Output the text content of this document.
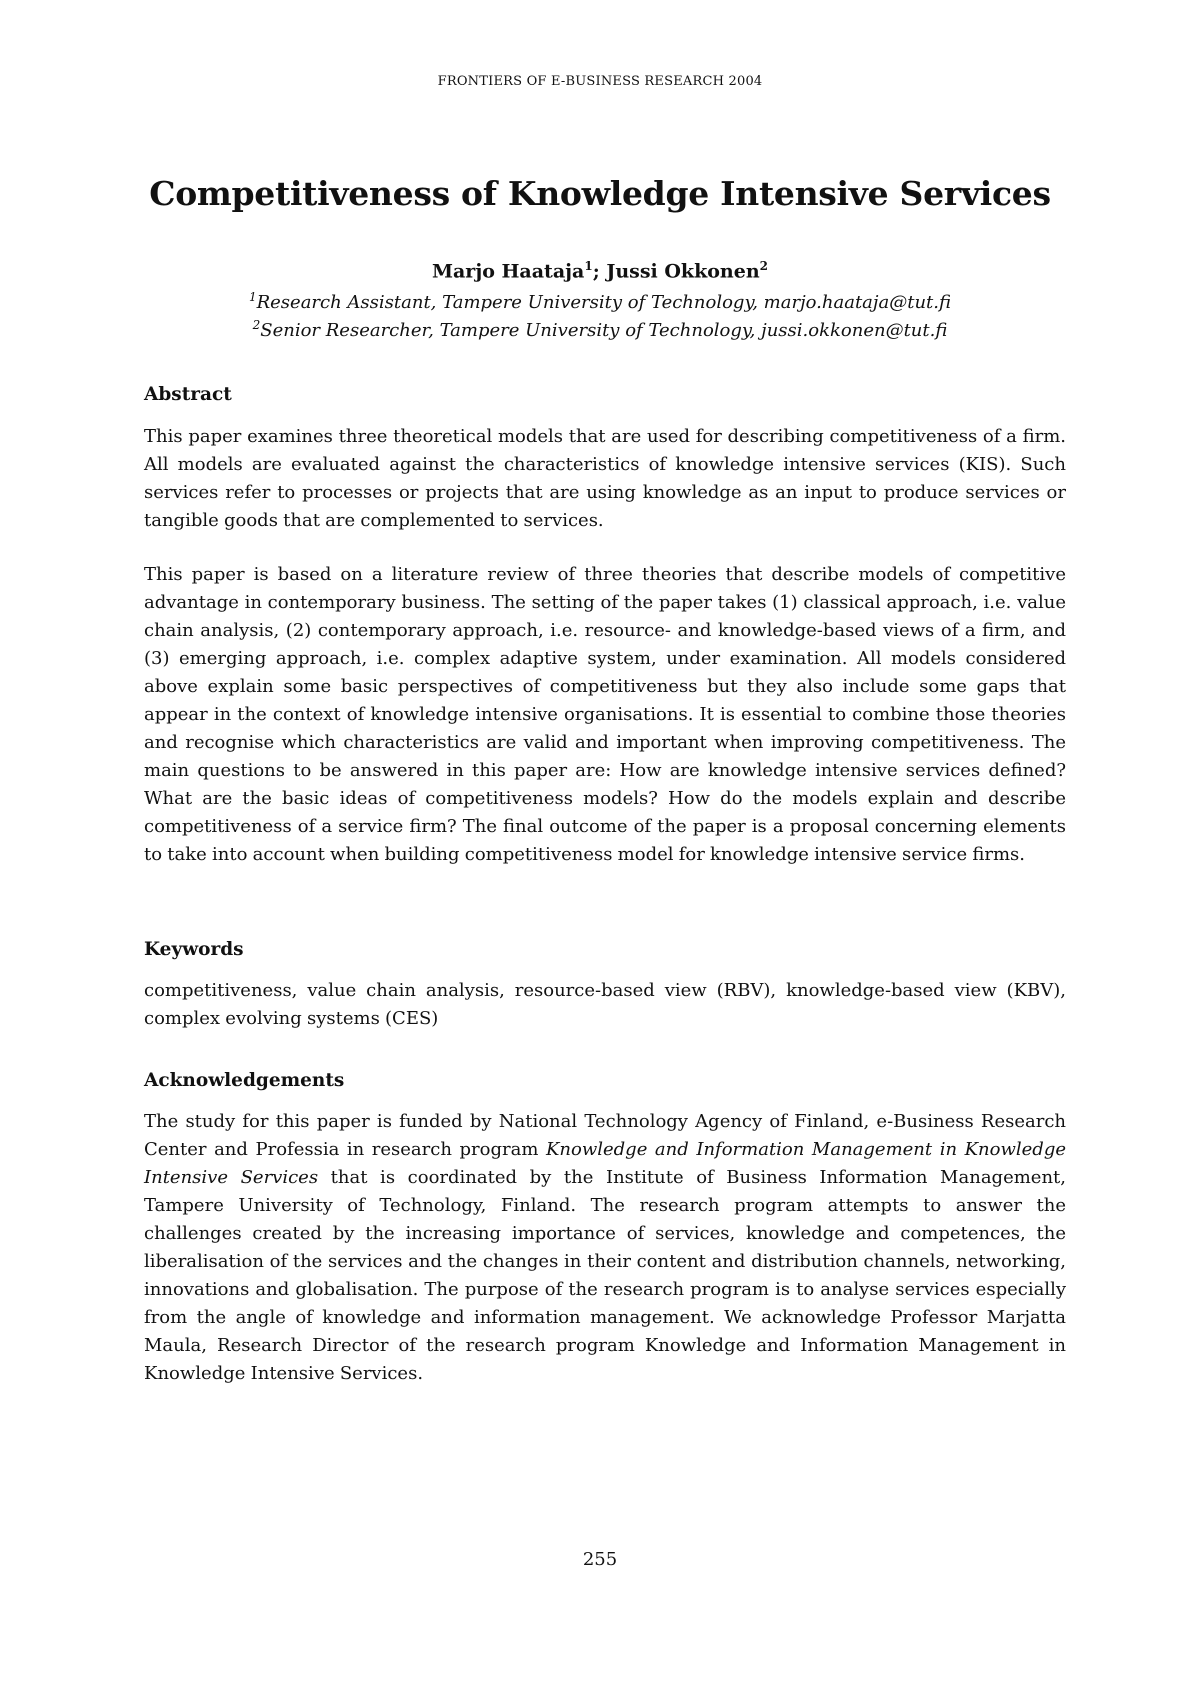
FRONTIERS OF E-BUSINESS RESEARCH 2004
Competitiveness of Knowledge Intensive Services
Marjo Haataja$^1$; Jussi Okkonen$^2$
$^1$Research Assistant, Tampere University of Technology, marjo.haataja@tut.fi
$^2$Senior Researcher, Tampere University of Technology, jussi.okkonen@tut.fi
Abstract

This paper examines three theoretical models that are used for describing competitiveness of a firm. All models are evaluated against the characteristics of knowledge intensive services (KIS). Such services refer to processes or projects that are using knowledge as an input to produce services or tangible goods that are complemented to services.

This paper is based on a literature review of three theories that describe models of competitive advantage in contemporary business. The setting of the paper takes (1) classical approach, i.e. value chain analysis, (2) contemporary approach, i.e. resource- and knowledge-based views of a firm, and (3) emerging approach, i.e. complex adaptive system, under examination. All models considered above explain some basic perspectives of competitiveness but they also include some gaps that appear in the context of knowledge intensive organisations. It is essential to combine those theories and recognise which characteristics are valid and important when improving competitiveness. The main questions to be answered in this paper are: How are knowledge intensive services defined? What are the basic ideas of competitiveness models? How do the models explain and describe competitiveness of a service firm? The final outcome of the paper is a proposal concerning elements to take into account when building competitiveness model for knowledge intensive service firms.

Keywords

competitiveness, value chain analysis, resource-based view (RBV), knowledge-based view (KBV), complex evolving systems (CES)

Acknowledgements

The study for this paper is funded by National Technology Agency of Finland, e-Business Research Center and Professia in research program Knowledge and Information Management in Knowledge Intensive Services that is coordinated by the Institute of Business Information Management, Tampere University of Technology, Finland. The research program attempts to answer the challenges created by the increasing importance of services, knowledge and competences, the liberalisation of the services and the changes in their content and distribution channels, networking, innovations and globalisation. The purpose of the research program is to analyse services especially from the angle of knowledge and information management. We acknowledge Professor Marjatta Maula, Research Director of the research program Knowledge and Information Management in Knowledge Intensive Services.

255
